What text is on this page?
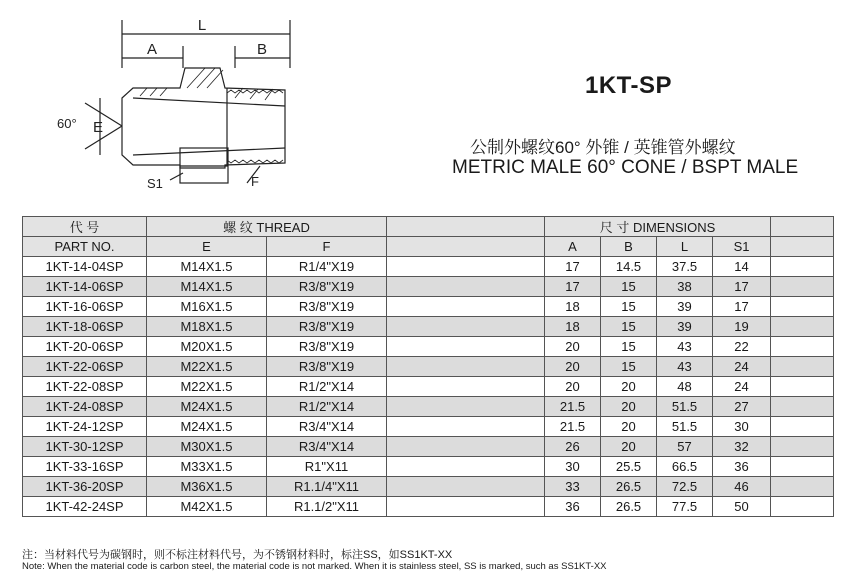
L
A	B
60° E
S1	F
1KT-SP
公制外螺纹60° 外锥 / 英锥管外螺纹
METRIC MALE 60° CONE / BSPT MALE
代 号	螺 纹 THREAD			尺 寸 DIMENSIONS				
PART NO.	E	F		A	B	L	S1	
1KT-14-04SP	M14X1.5	R1/4"X19		17	14.5	37.5	14	
1KT-14-06SP	M14X1.5	R3/8"X19		17	15	38	17	
1KT-16-06SP	M16X1.5	R3/8"X19		18	15	39	17	
1KT-18-06SP	M18X1.5	R3/8"X19		18	15	39	19	
1KT-20-06SP	M20X1.5	R3/8"X19		20	15	43	22	
1KT-22-06SP	M22X1.5	R3/8"X19		20	15	43	24	
1KT-22-08SP	M22X1.5	R1/2"X14		20	20	48	24	
1KT-24-08SP	M24X1.5	R1/2"X14		21.5	20	51.5	27	
1KT-24-12SP	M24X1.5	R3/4"X14		21.5	20	51.5	30	
1KT-30-12SP	M30X1.5	R3/4"X14		26	20	57	32	
1KT-33-16SP	M33X1.5	R1"X11		30	25.5	66.5	36	
1KT-36-20SP	M36X1.5	R1.1/4"X11		33	26.5	72.5	46	
1KT-42-24SP	M42X1.5	R1.1/2"X11		36	26.5	77.5	50	
注：当材料代号为碳钢时，则不标注材料代号，为不锈钢材料时，标注SS，如SS1KT-XX
Note: When the material code is carbon steel, the material code is not marked. When it is stainless steel, SS is marked, such as SS1KT-XX
